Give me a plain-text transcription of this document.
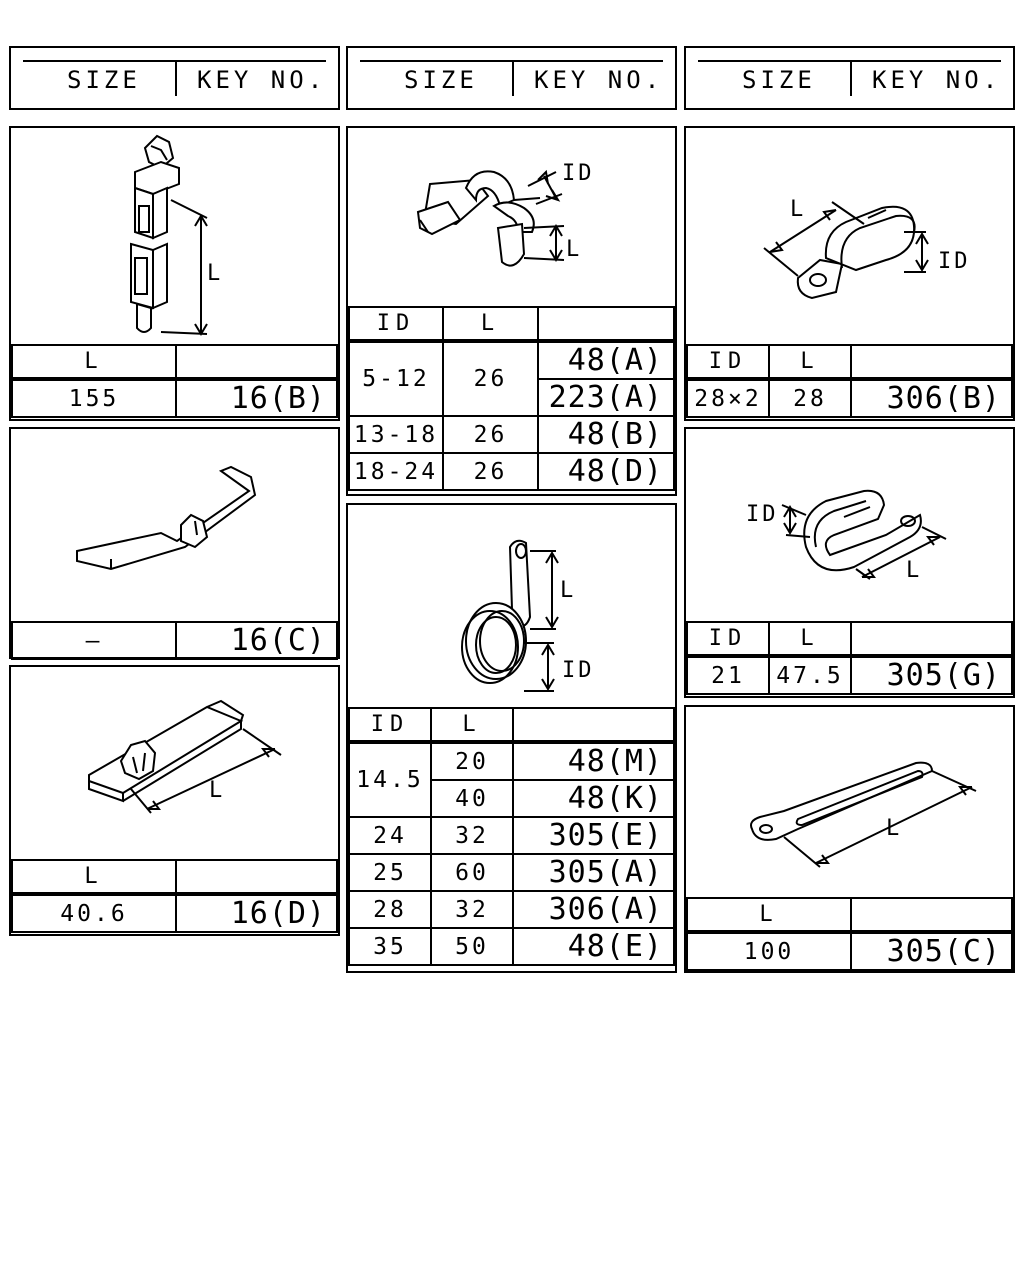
SIZE KEY NO.	SIZE KEY NO.	SIZE KEY NO.
L
L	
155	16(B)
—	16(C)
L
L	
40.6	16(D)
ID
L
ID	L	
5-12	26	48(A)
		223(A)
13-18	26	48(B)
18-24	26	48(D)
L
ID
ID	L	
14.5	20	48(M)
	40	48(K)
24	32	305(E)
25	60	305(A)
28	32	306(A)
35	50	48(E)
L
ID
ID	L	
28×2	28	306(B)
ID
L
ID	L	
21	47.5	305(G)
L
L	
100	305(C)
